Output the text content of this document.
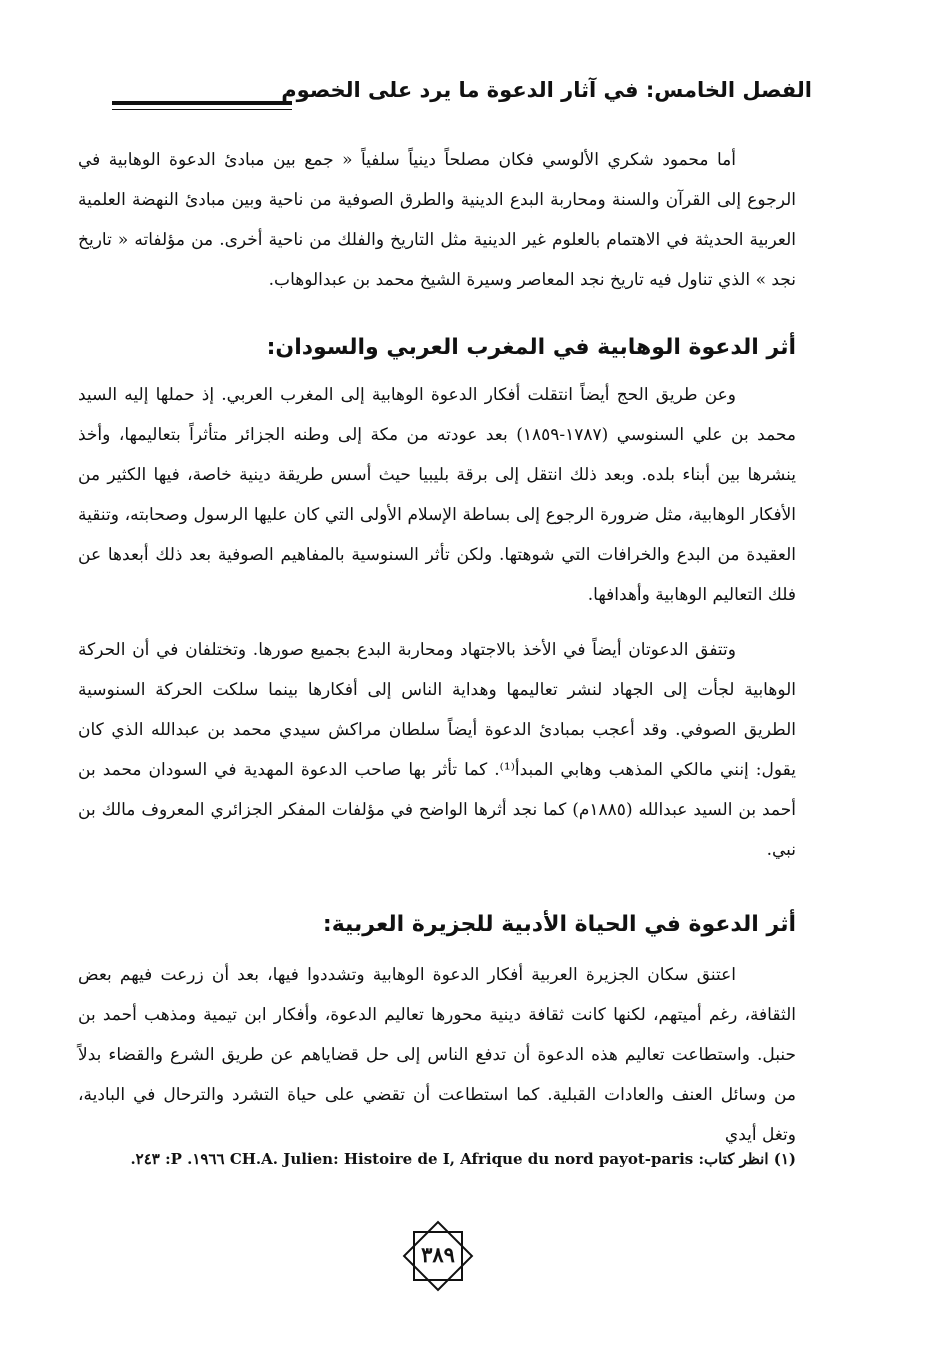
الفصل الخامس: في آثار الدعوة ما يرد على الخصوم
أما محمود شكري الألوسي فكان مصلحاً دينياً سلفياً « جمع بين مبادئ الدعوة الوهابية في الرجوع إلى القرآن والسنة ومحاربة البدع الدينية والطرق الصوفية من ناحية وبين مبادئ النهضة العلمية العربية الحديثة في الاهتمام بالعلوم غير الدينية مثل التاريخ والفلك من ناحية أخرى. من مؤلفاته « تاريخ نجد » الذي تناول فيه تاريخ نجد المعاصر وسيرة الشيخ محمد بن عبدالوهاب.
أثر الدعوة الوهابية في المغرب العربي والسودان:
وعن طريق الحج أيضاً انتقلت أفكار الدعوة الوهابية إلى المغرب العربي. إذ حملها إليه السيد محمد بن علي السنوسي (١٧٨٧-١٨٥٩) بعد عودته من مكة إلى وطنه الجزائر متأثراً بتعاليمها، وأخذ ينشرها بين أبناء بلده. وبعد ذلك انتقل إلى برقة بليبيا حيث أسس طريقة دينية خاصة، فيها الكثير من الأفكار الوهابية، مثل ضرورة الرجوع إلى بساطة الإسلام الأولى التي كان عليها الرسول وصحابته، وتنقية العقيدة من البدع والخرافات التي شوهتها. ولكن تأثر السنوسية بالمفاهيم الصوفية بعد ذلك أبعدها عن فلك التعاليم الوهابية وأهدافها.
وتتفق الدعوتان أيضاً في الأخذ بالاجتهاد ومحاربة البدع بجميع صورها. وتختلفان في أن الحركة الوهابية لجأت إلى الجهاد لنشر تعاليمها وهداية الناس إلى أفكارها بينما سلكت الحركة السنوسية الطريق الصوفي. وقد أعجب بمبادئ الدعوة أيضاً سلطان مراكش سيدي محمد بن عبدالله الذي كان يقول: إنني مالكي المذهب وهابي المبدأ⁽¹⁾. كما تأثر بها صاحب الدعوة المهدية في السودان محمد بن أحمد بن السيد عبدالله (١٨٨٥م) كما نجد أثرها الواضح في مؤلفات المفكر الجزائري المعروف مالك بن نبي.
أثر الدعوة في الحياة الأدبية للجزيرة العربية:
اعتنق سكان الجزيرة العربية أفكار الدعوة الوهابية وتشددوا فيها، بعد أن زرعت فيهم بعض الثقافة، رغم أميتهم، لكنها كانت ثقافة دينية محورها تعاليم الدعوة، وأفكار ابن تيمية ومذهب أحمد بن حنبل. واستطاعت تعاليم هذه الدعوة أن تدفع الناس إلى حل قضاياهم عن طريق الشرع والقضاء بدلاً من وسائل العنف والعادات القبلية. كما استطاعت أن تقضي على حياة التشرد والترحال في البادية، وتغل أيدي
(١) انظر كتاب: CH.A. Julien: Histoire de I, Afrique du nord payot-paris ١٩٦٦. P: ٢٤٣.
٣٨٩
